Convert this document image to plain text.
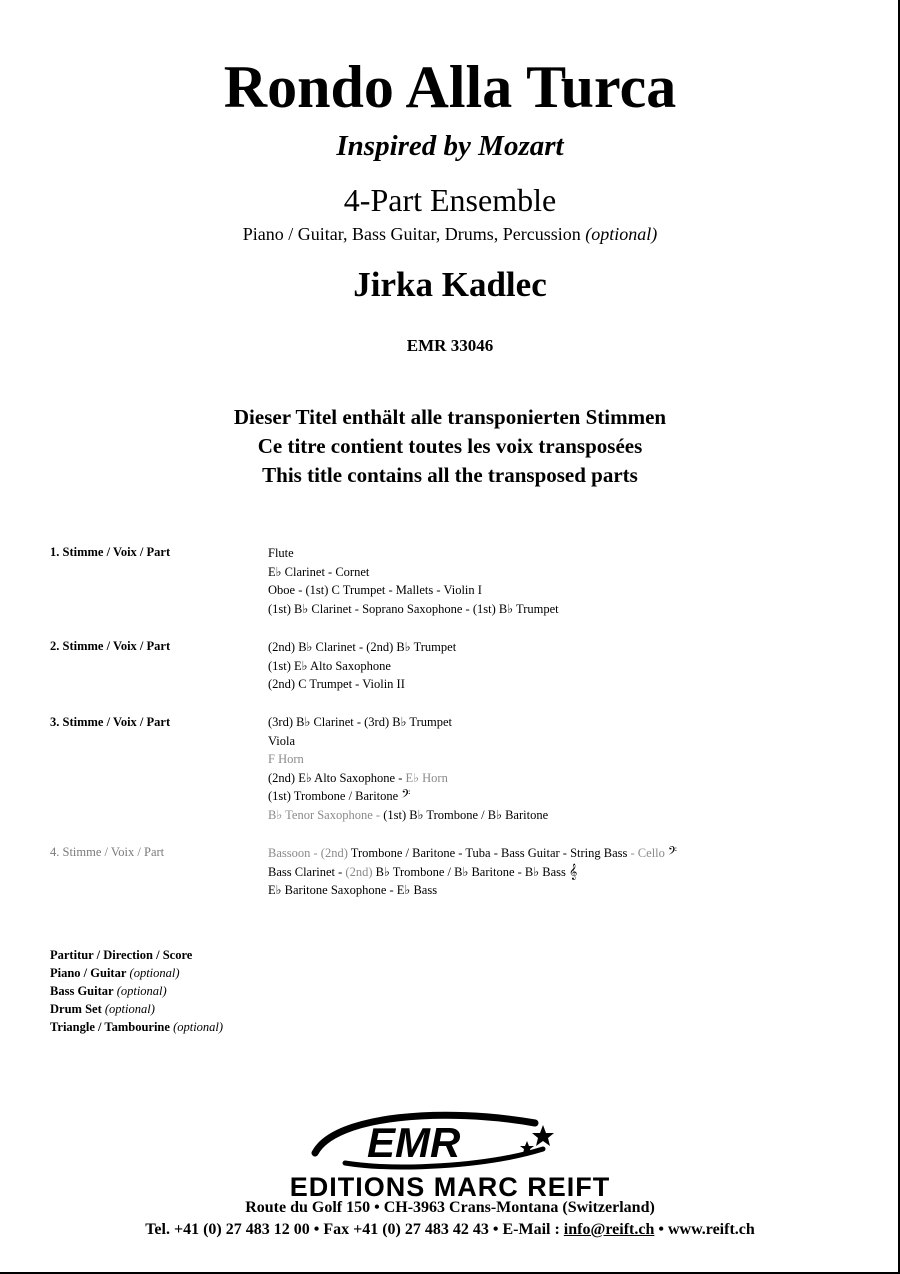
Rondo Alla Turca
Inspired by Mozart
4-Part Ensemble
Piano / Guitar, Bass Guitar, Drums, Percussion (optional)
Jirka Kadlec
EMR 33046
Dieser Titel enthält alle transponierten Stimmen
Ce titre contient toutes les voix transposées
This title contains all the transposed parts
1. Stimme / Voix / Part	Flute
E♭ Clarinet - Cornet
Oboe - (1st) C Trumpet - Mallets - Violin I
(1st) B♭ Clarinet - Soprano Saxophone - (1st) B♭ Trumpet
2. Stimme / Voix / Part	(2nd) B♭ Clarinet - (2nd) B♭ Trumpet
(1st) E♭ Alto Saxophone
(2nd) C Trumpet - Violin II
3. Stimme / Voix / Part	(3rd) B♭ Clarinet - (3rd) B♭ Trumpet
Viola
F Horn
(2nd) E♭ Alto Saxophone - E♭ Horn
(1st) Trombone / Baritone 𝄢
B♭ Tenor Saxophone - (1st) B♭ Trombone / B♭ Baritone
4. Stimme / Voix / Part	Bassoon - (2nd) Trombone / Baritone - Tuba - Bass Guitar - String Bass - Cello 𝄢
Bass Clarinet - (2nd) B♭ Trombone / B♭ Baritone - B♭ Bass 𝄞
E♭ Baritone Saxophone - E♭ Bass
Partitur / Direction / Score
Piano / Guitar (optional)
Bass Guitar (optional)
Drum Set (optional)
Triangle / Tambourine (optional)
EMR
EDITIONS MARC REIFT
Route du Golf 150 • CH-3963 Crans-Montana (Switzerland)
Tel. +41 (0) 27 483 12 00 • Fax +41 (0) 27 483 42 43 • E-Mail : info@reift.ch • www.reift.ch
